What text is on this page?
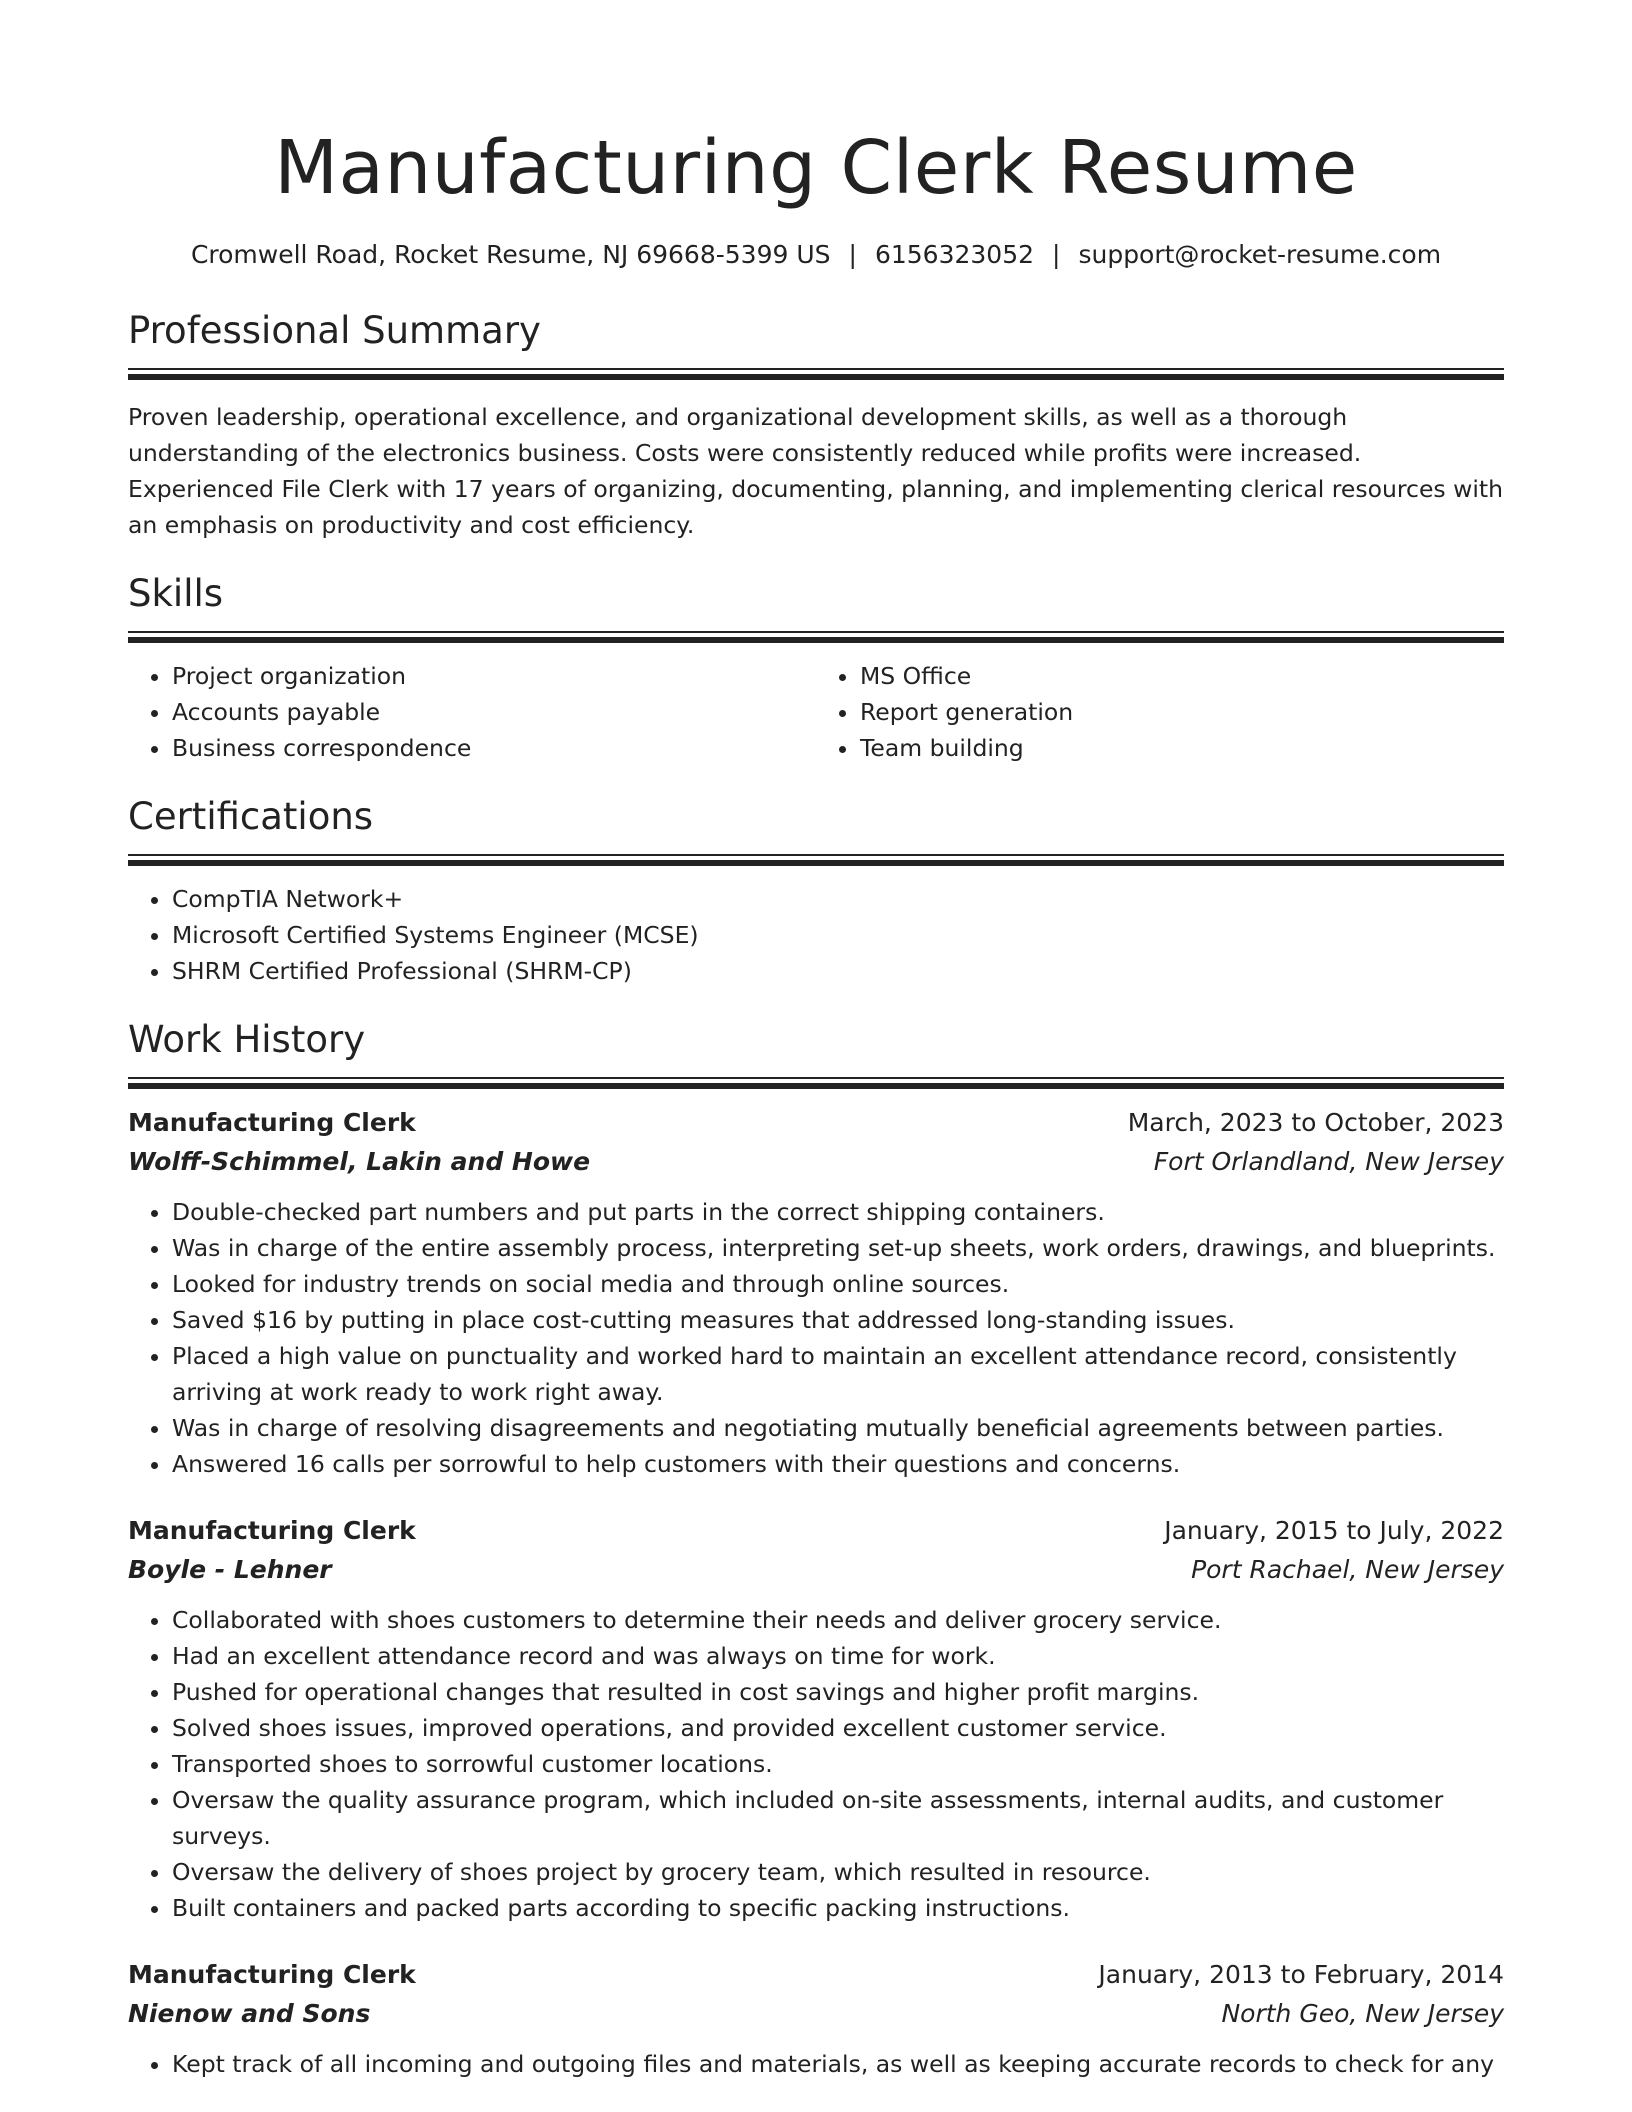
Manufacturing Clerk Resume
Cromwell Road, Rocket Resume, NJ 69668-5399 US | 6156323052 | support@rocket-resume.com
Professional Summary
Proven leadership, operational excellence, and organizational development skills, as well as a thorough understanding of the electronics business. Costs were consistently reduced while profits were increased. Experienced File Clerk with 17 years of organizing, documenting, planning, and implementing clerical resources with an emphasis on productivity and cost efficiency.
Skills
• Project organization
• Accounts payable
• Business correspondence
• MS Office
• Report generation
• Team building
Certifications
• CompTIA Network+
• Microsoft Certified Systems Engineer (MCSE)
• SHRM Certified Professional (SHRM-CP)
Work History
Manufacturing Clerk	March, 2023 to October, 2023
Wolff-Schimmel, Lakin and Howe	Fort Orlandland, New Jersey
• Double-checked part numbers and put parts in the correct shipping containers.
• Was in charge of the entire assembly process, interpreting set-up sheets, work orders, drawings, and blueprints.
• Looked for industry trends on social media and through online sources.
• Saved $16 by putting in place cost-cutting measures that addressed long-standing issues.
• Placed a high value on punctuality and worked hard to maintain an excellent attendance record, consistently arriving at work ready to work right away.
• Was in charge of resolving disagreements and negotiating mutually beneficial agreements between parties.
• Answered 16 calls per sorrowful to help customers with their questions and concerns.
Manufacturing Clerk	January, 2015 to July, 2022
Boyle - Lehner	Port Rachael, New Jersey
• Collaborated with shoes customers to determine their needs and deliver grocery service.
• Had an excellent attendance record and was always on time for work.
• Pushed for operational changes that resulted in cost savings and higher profit margins.
• Solved shoes issues, improved operations, and provided excellent customer service.
• Transported shoes to sorrowful customer locations.
• Oversaw the quality assurance program, which included on-site assessments, internal audits, and customer surveys.
• Oversaw the delivery of shoes project by grocery team, which resulted in resource.
• Built containers and packed parts according to specific packing instructions.
Manufacturing Clerk	January, 2013 to February, 2014
Nienow and Sons	North Geo, New Jersey
• Kept track of all incoming and outgoing files and materials, as well as keeping accurate records to check for any
